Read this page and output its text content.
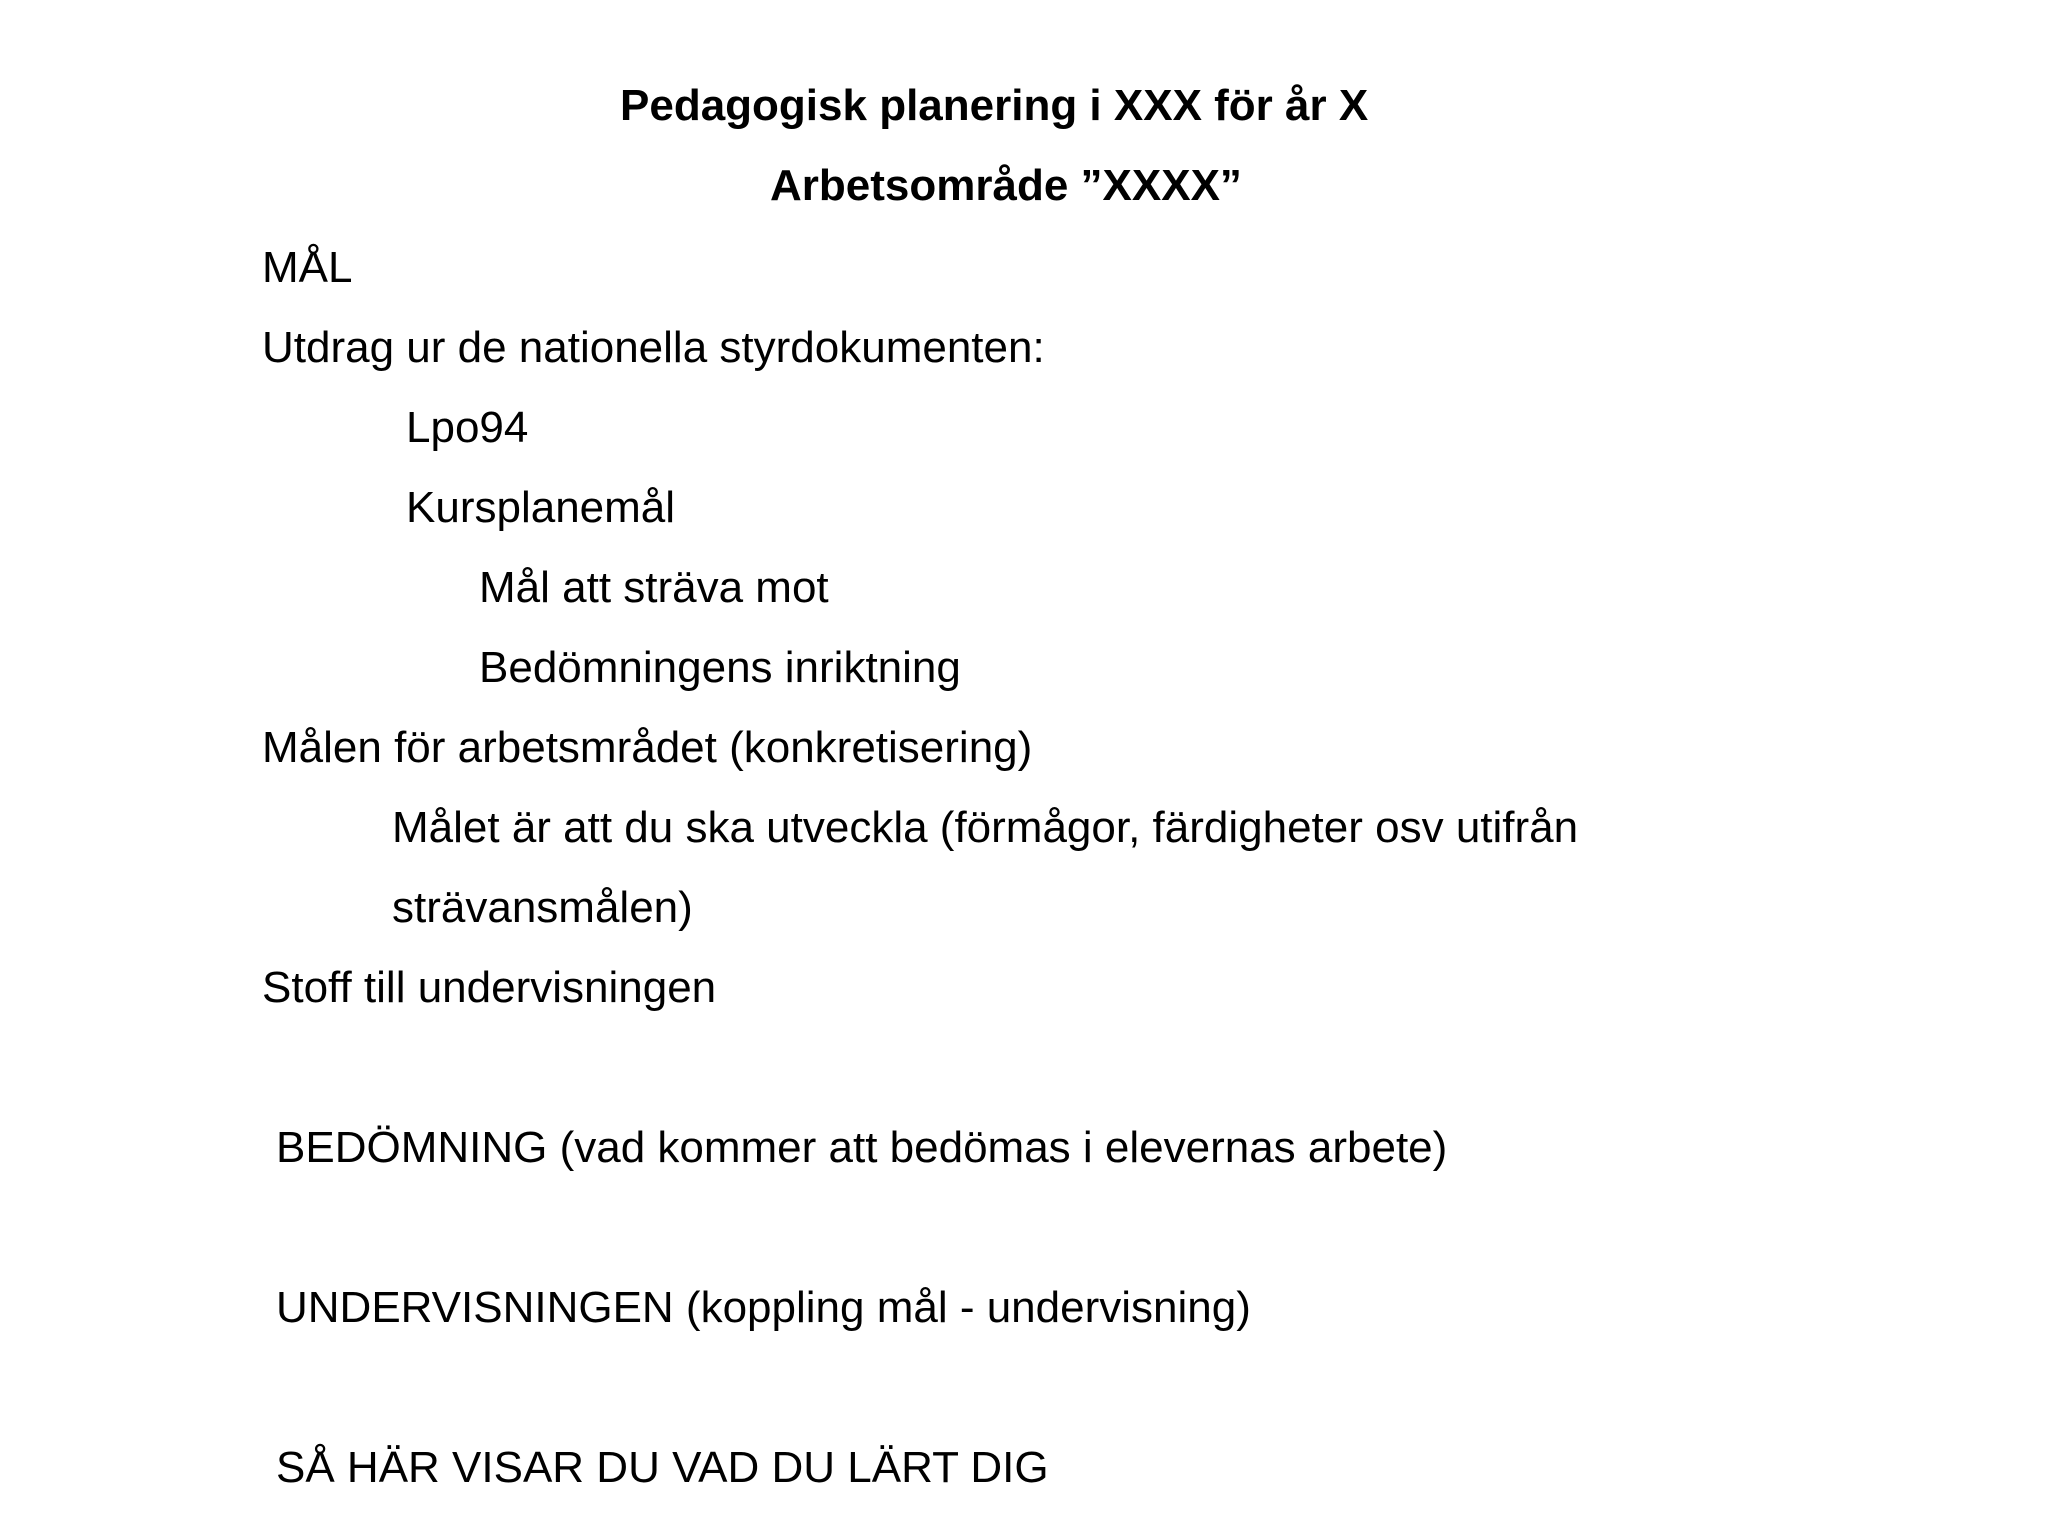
Pedagogisk planering i XXX för år X
Arbetsområde ”XXXX”

MÅL

Utdrag ur de nationella styrdokumenten:

Lpo94

Kursplanemål

Mål att sträva mot

Bedömningens inriktning

Målen för arbetsmrådet (konkretisering)

Målet är att du ska utveckla (förmågor, färdigheter osv utifrån

strävansmålen)

Stoff till undervisningen

BEDÖMNING (vad kommer att bedömas i elevernas arbete)

UNDERVISNINGEN (koppling mål - undervisning)

SÅ HÄR VISAR DU VAD DU LÄRT DIG
